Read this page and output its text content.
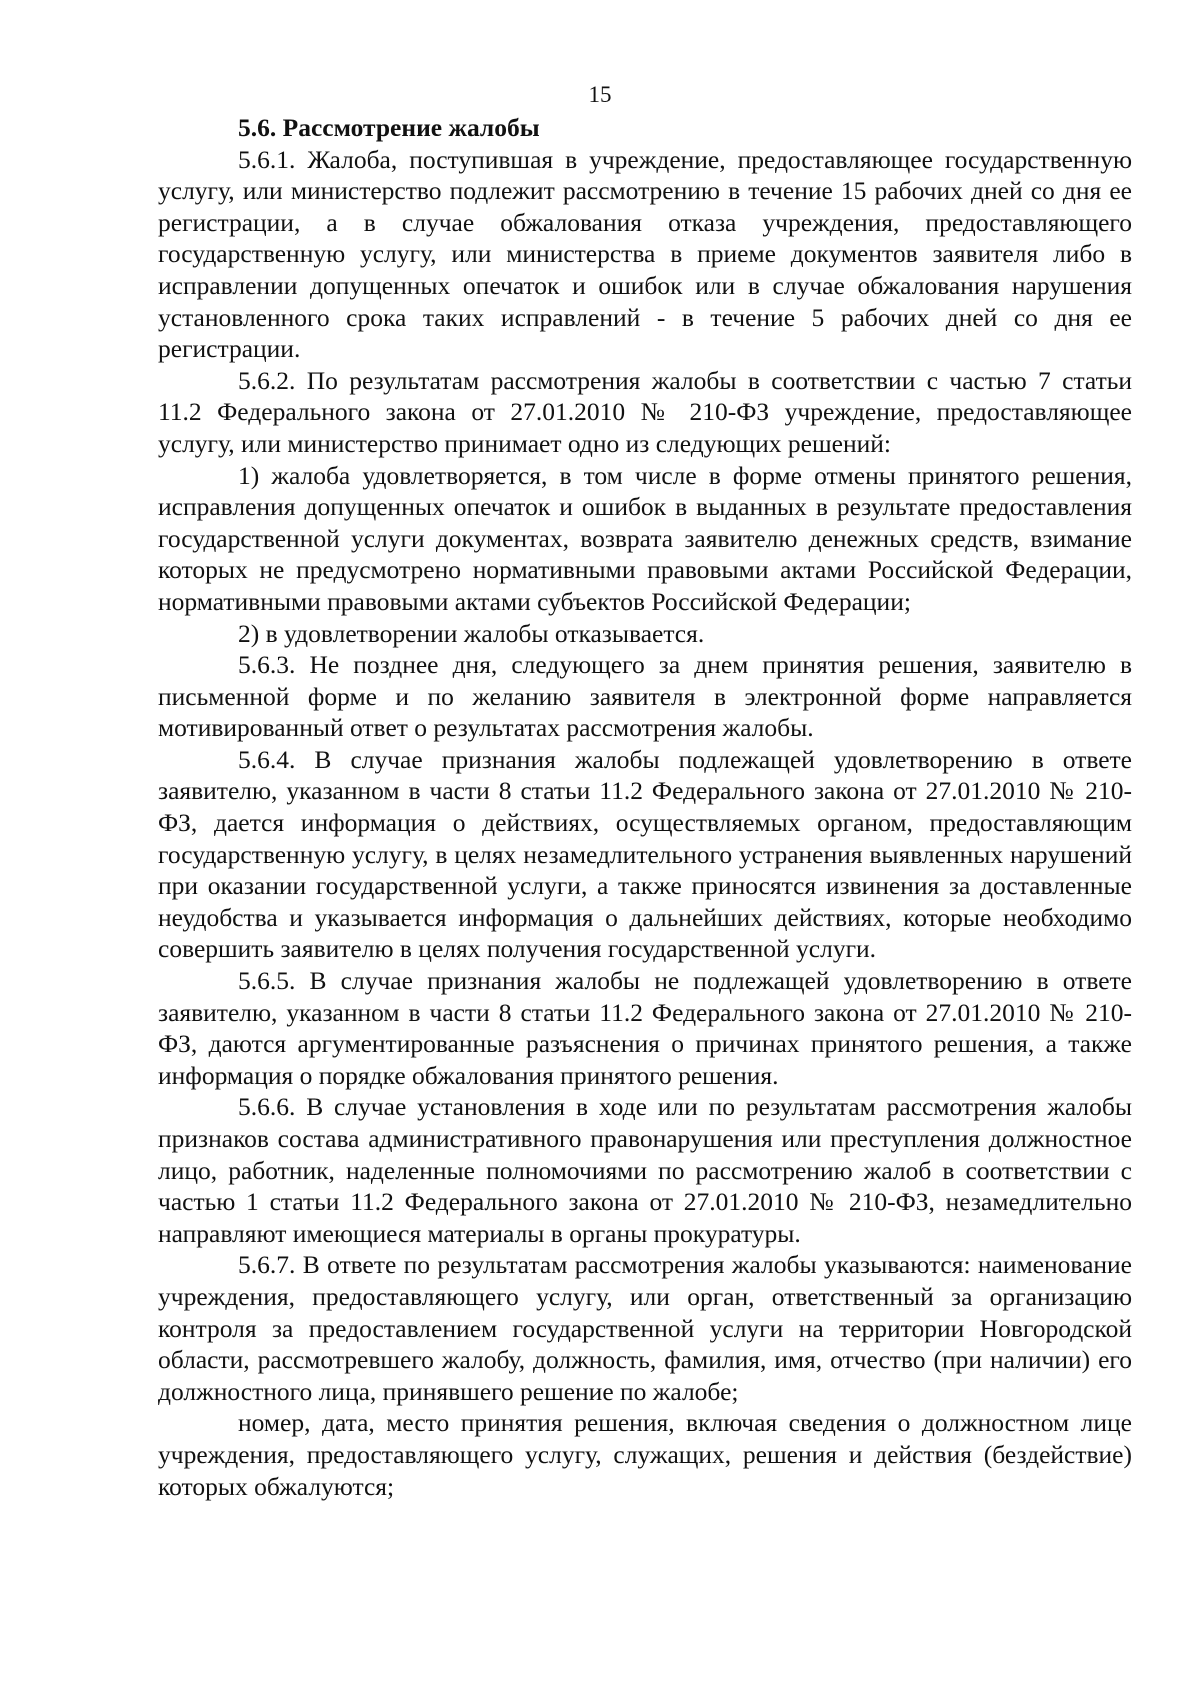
15

5.6. Рассмотрение жалобы

5.6.1. Жалоба, поступившая в учреждение, предоставляющее государственную услугу, или министерство подлежит рассмотрению в течение 15 рабочих дней со дня ее регистрации, а в случае обжалования отказа учреждения, предоставляющего государственную услугу, или министерства в приеме документов заявителя либо в исправлении допущенных опечаток и ошибок или в случае обжалования нарушения установленного срока таких исправлений - в течение 5 рабочих дней со дня ее регистрации.

5.6.2. По результатам рассмотрения жалобы в соответствии с частью 7 статьи 11.2 Федерального закона от 27.01.2010 № 210-ФЗ учреждение, предоставляющее услугу, или министерство принимает одно из следующих решений:

1) жалоба удовлетворяется, в том числе в форме отмены принятого решения, исправления допущенных опечаток и ошибок в выданных в результате предоставления государственной услуги документах, возврата заявителю денежных средств, взимание которых не предусмотрено нормативными правовыми актами Российской Федерации, нормативными правовыми актами субъектов Российской Федерации;

2) в удовлетворении жалобы отказывается.

5.6.3. Не позднее дня, следующего за днем принятия решения, заявителю в письменной форме и по желанию заявителя в электронной форме направляется мотивированный ответ о результатах рассмотрения жалобы.

5.6.4. В случае признания жалобы подлежащей удовлетворению в ответе заявителю, указанном в части 8 статьи 11.2 Федерального закона от 27.01.2010 № 210-ФЗ, дается информация о действиях, осуществляемых органом, предоставляющим государственную услугу, в целях незамедлительного устранения выявленных нарушений при оказании государственной услуги, а также приносятся извинения за доставленные неудобства и указывается информация о дальнейших действиях, которые необходимо совершить заявителю в целях получения государственной услуги.

5.6.5. В случае признания жалобы не подлежащей удовлетворению в ответе заявителю, указанном в части 8 статьи 11.2 Федерального закона от 27.01.2010 № 210-ФЗ, даются аргументированные разъяснения о причинах принятого решения, а также информация о порядке обжалования принятого решения.

5.6.6. В случае установления в ходе или по результатам рассмотрения жалобы признаков состава административного правонарушения или преступления должностное лицо, работник, наделенные полномочиями по рассмотрению жалоб в соответствии с частью 1 статьи 11.2 Федерального закона от 27.01.2010 № 210-ФЗ, незамедлительно направляют имеющиеся материалы в органы прокуратуры.

5.6.7. В ответе по результатам рассмотрения жалобы указываются: наименование учреждения, предоставляющего услугу, или орган, ответственный за организацию контроля за предоставлением государственной услуги на территории Новгородской области, рассмотревшего жалобу, должность, фамилия, имя, отчество (при наличии) его должностного лица, принявшего решение по жалобе;

номер, дата, место принятия решения, включая сведения о должностном лице учреждения, предоставляющего услугу, служащих, решения и действия (бездействие) которых обжалуются;
